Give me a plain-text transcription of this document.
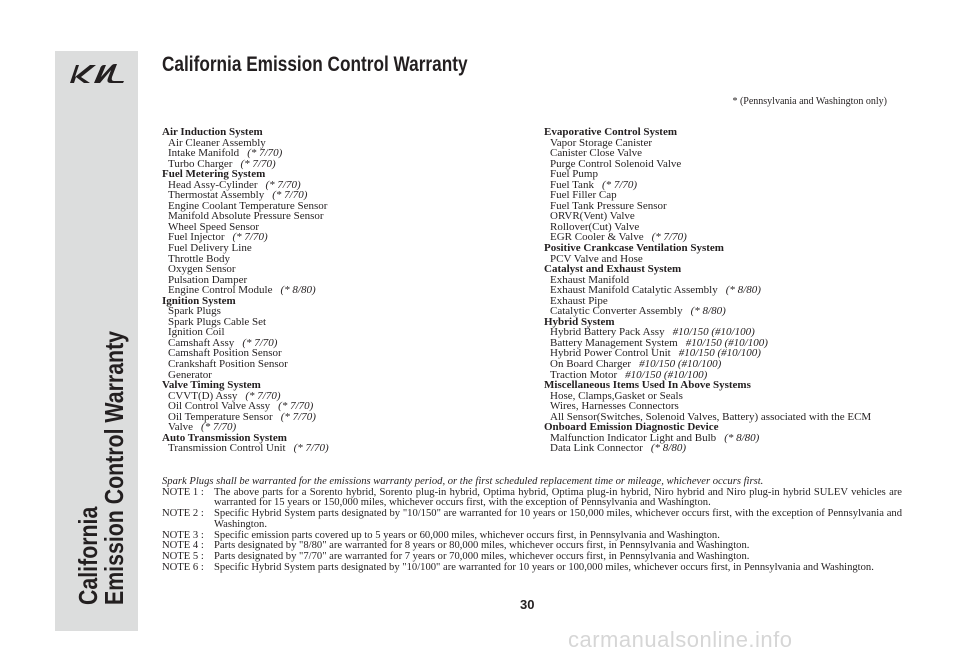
California
Emission Control Warranty
California Emission Control Warranty
* (Pennsylvania and Washington only)
Air Induction System
Air Cleaner Assembly
Intake Manifold (* 7/70)
Turbo Charger (* 7/70)
Fuel Metering System
Head Assy-Cylinder (* 7/70)
Thermostat Assembly (* 7/70)
Engine Coolant Temperature Sensor
Manifold Absolute Pressure Sensor
Wheel Speed Sensor
Fuel Injector (* 7/70)
Fuel Delivery Line
Throttle Body
Oxygen Sensor
Pulsation Damper
Engine Control Module (* 8/80)
Ignition System
Spark Plugs
Spark Plugs Cable Set
Ignition Coil
Camshaft Assy (* 7/70)
Camshaft Position Sensor
Crankshaft Position Sensor
Generator
Valve Timing System
CVVT(D) Assy (* 7/70)
Oil Control Valve Assy (* 7/70)
Oil Temperature Sensor (* 7/70)
Valve (* 7/70)
Auto Transmission System
Transmission Control Unit (* 7/70)
Evaporative Control System
Vapor Storage Canister
Canister Close Valve
Purge Control Solenoid Valve
Fuel Pump
Fuel Tank (* 7/70)
Fuel Filler Cap
Fuel Tank Pressure Sensor
ORVR(Vent) Valve
Rollover(Cut) Valve
EGR Cooler & Valve (* 7/70)
Positive Crankcase Ventilation System
PCV Valve and Hose
Catalyst and Exhaust System
Exhaust Manifold
Exhaust Manifold Catalytic Assembly (* 8/80)
Exhaust Pipe
Catalytic Converter Assembly (* 8/80)
Hybrid System
Hybrid Battery Pack Assy #10/150 (#10/100)
Battery Management System #10/150 (#10/100)
Hybrid Power Control Unit #10/150 (#10/100)
On Board Charger #10/150 (#10/100)
Traction Motor #10/150 (#10/100)
Miscellaneous Items Used In Above Systems
Hose, Clamps,Gasket or Seals
Wires, Harnesses Connectors
All Sensor(Switches, Solenoid Valves, Battery) associated with the ECM
Onboard Emission Diagnostic Device
Malfunction Indicator Light and Bulb (* 8/80)
Data Link Connector (* 8/80)
Spark Plugs shall be warranted for the emissions warranty period, or the first scheduled replacement time or mileage, whichever occurs first.
NOTE 1 : The above parts for a Sorento hybrid, Sorento plug-in hybrid, Optima hybrid, Optima plug-in hybrid, Niro hybrid and Niro plug-in hybrid SULEV vehicles are warranted for 15 years or 150,000 miles, whichever occurs first, with the exception of Pennsylvania and Washington.
NOTE 2 : Specific Hybrid System parts designated by "10/150" are warranted for 10 years or 150,000 miles, whichever occurs first, with the exception of Pennsylvania and Washington.
NOTE 3 : Specific emission parts covered up to 5 years or 60,000 miles, whichever occurs first, in Pennsylvania and Washington.
NOTE 4 : Parts designated by "8/80" are warranted for 8 years or 80,000 miles, whichever occurs first, in Pennsylvania and Washington.
NOTE 5 : Parts designated by "7/70" are warranted for 7 years or 70,000 miles, whichever occurs first, in Pennsylvania and Washington.
NOTE 6 : Specific Hybrid System parts designated by "10/100" are warranted for 10 years or 100,000 miles, whichever occurs first, in Pennsylvania and Washington.
30
carmanualsonline.info
